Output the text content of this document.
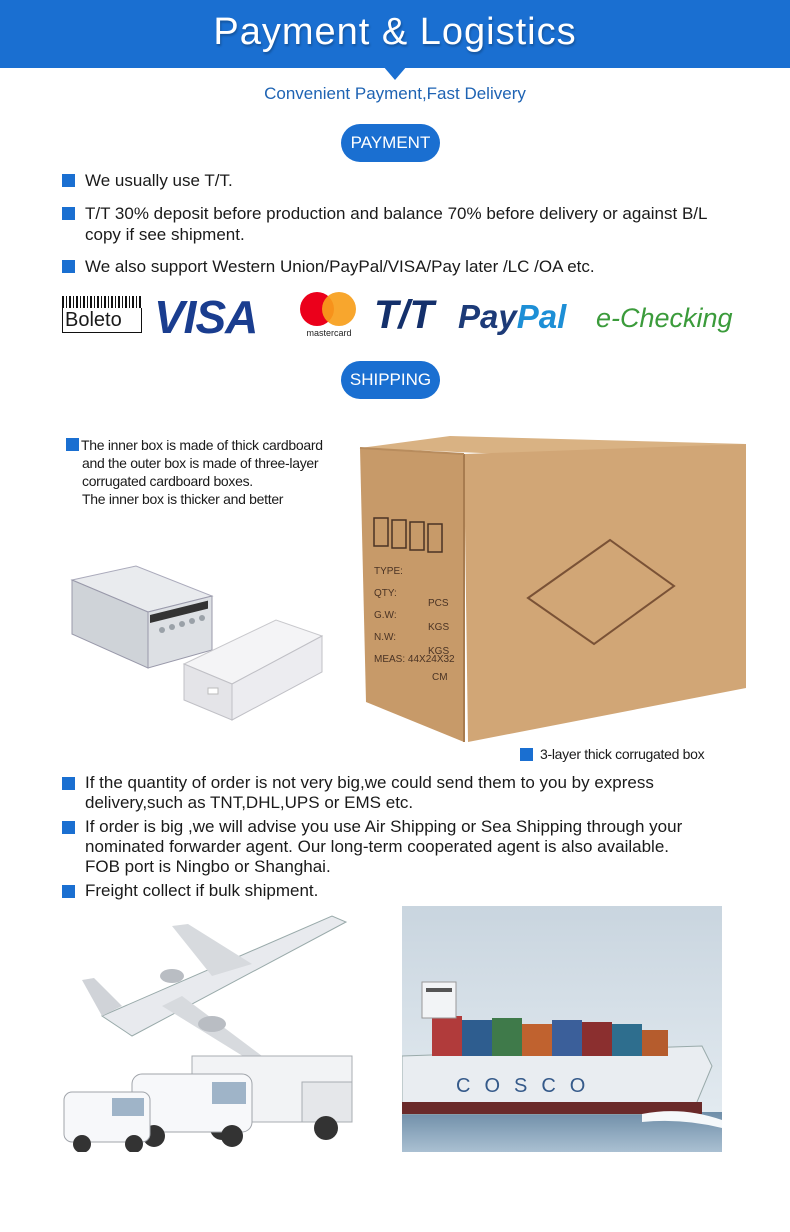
Payment & Logistics
Convenient Payment,Fast Delivery
PAYMENT
We usually use T/T.
T/T 30% deposit before production and balance 70% before delivery or against B/L copy if see shipment.
We also support Western Union/PayPal/VISA/Pay later /LC /OA etc.
Boleto VISA	mastercard T/T PayPal e-Checking
SHIPPING
The inner box is made of thick cardboard
and the outer box is made of three-layer
corrugated cardboard boxes.
The inner box is thicker and better
TYPE:
QTY:
G.W:
N.W:
MEAS: 44X24X32
PCS
KGS
KGS
CM
3-layer thick corrugated box
If the quantity of order is not very big,we could send them to you by express delivery,such as TNT,DHL,UPS or EMS etc.
If order is big ,we will advise you use Air Shipping or Sea Shipping through your nominated forwarder agent. Our long-term cooperated agent is also available. FOB port is Ningbo or Shanghai.
Freight collect if bulk shipment.
COSCO
